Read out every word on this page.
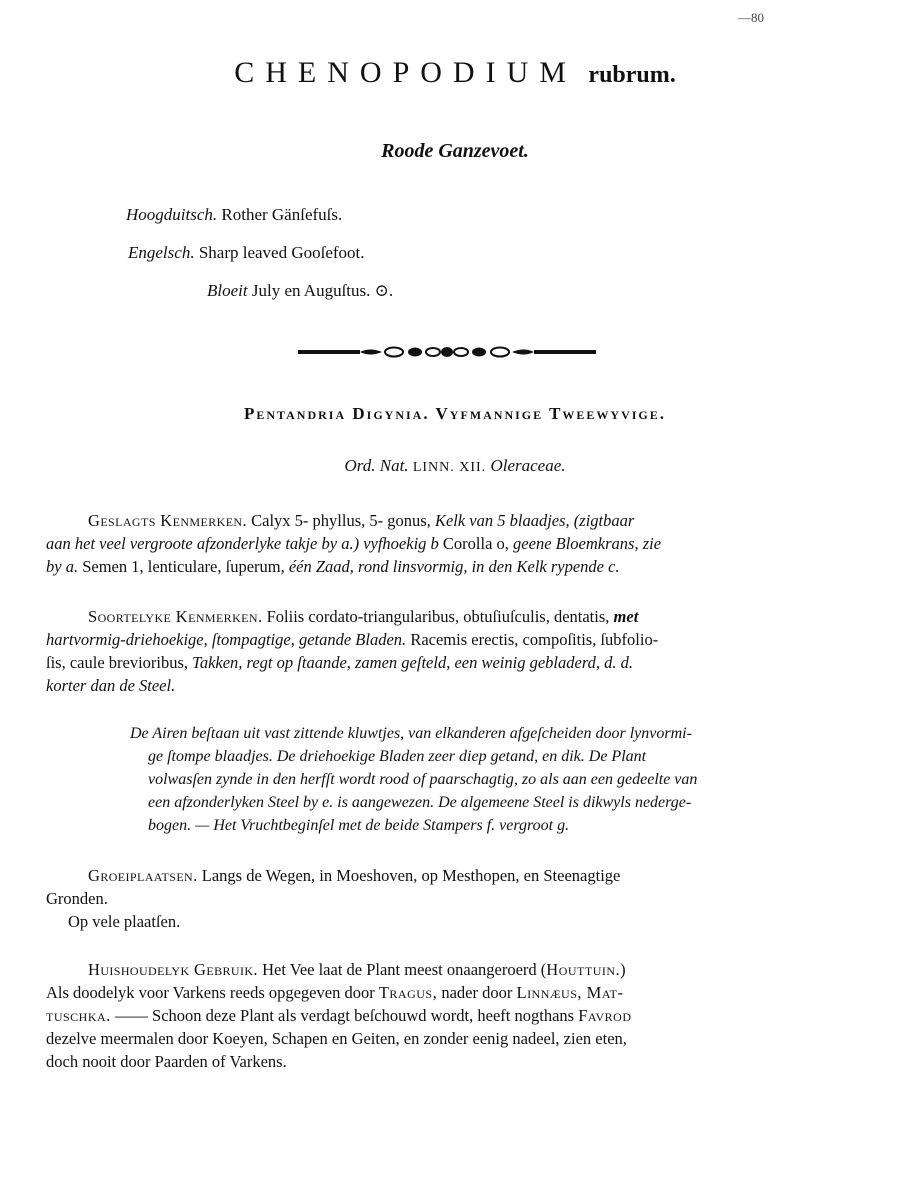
—80
CHENOPODIUM rubrum.
Roode Ganzevoet.
Hoogduitsch. Rother Gänſefuſs.
Engelsch. Sharp leaved Gooſefoot.
Bloeit July en Auguſtus. ⊙.
Pentandria Digynia. Vyfmannige Tweewyvige.
Ord. Nat. LINN. XII. Oleraceae.
Geslagts Kenmerken. Calyx 5- phyllus, 5- gonus, Kelk van 5 blaadjes, (zigtbaar
aan het veel vergroote afzonderlyke takje by a.) vyfhoekig b Corolla o, geene Bloemkrans, zie
by a. Semen 1, lenticulare, ſuperum, één Zaad, rond linsvormig, in den Kelk rypende c.
Soortelyke Kenmerken. Foliis cordato-triangularibus, obtuſiuſculis, dentatis, met
hartvormig-driehoekige, ſtompagtige, getande Bladen. Racemis erectis, compoſitis, ſubfolio-
ſis, caule brevioribus, Takken, regt op ſtaande, zamen geſteld, een weinig gebladerd, d. d.
korter dan de Steel.
De Airen beſtaan uit vast zittende kluwtjes, van elkanderen afgeſcheiden door lynvormi-
ge ſtompe blaadjes. De driehoekige Bladen zeer diep getand, en dik. De Plant
volwasſen zynde in den herfſt wordt rood of paarschagtig, zo als aan een gedeelte van
een afzonderlyken Steel by e. is aangewezen. De algemeene Steel is dikwyls nederge-
bogen. — Het Vruchtbeginſel met de beide Stampers f. vergroot g.
Groeiplaatsen. Langs de Wegen, in Moeshoven, op Mesthopen, en Steenagtige
Gronden.
Op vele plaatſen.
Huishoudelyk Gebruik. Het Vee laat de Plant meest onaangeroerd (Houttuin.)
Als doodelyk voor Varkens reeds opgegeven door Tragus, nader door Linnæus, Mat-
tuschka. —— Schoon deze Plant als verdagt beſchouwd wordt, heeft nogthans Favrod
dezelve meermalen door Koeyen, Schapen en Geiten, en zonder eenig nadeel, zien eten,
doch nooit door Paarden of Varkens.
